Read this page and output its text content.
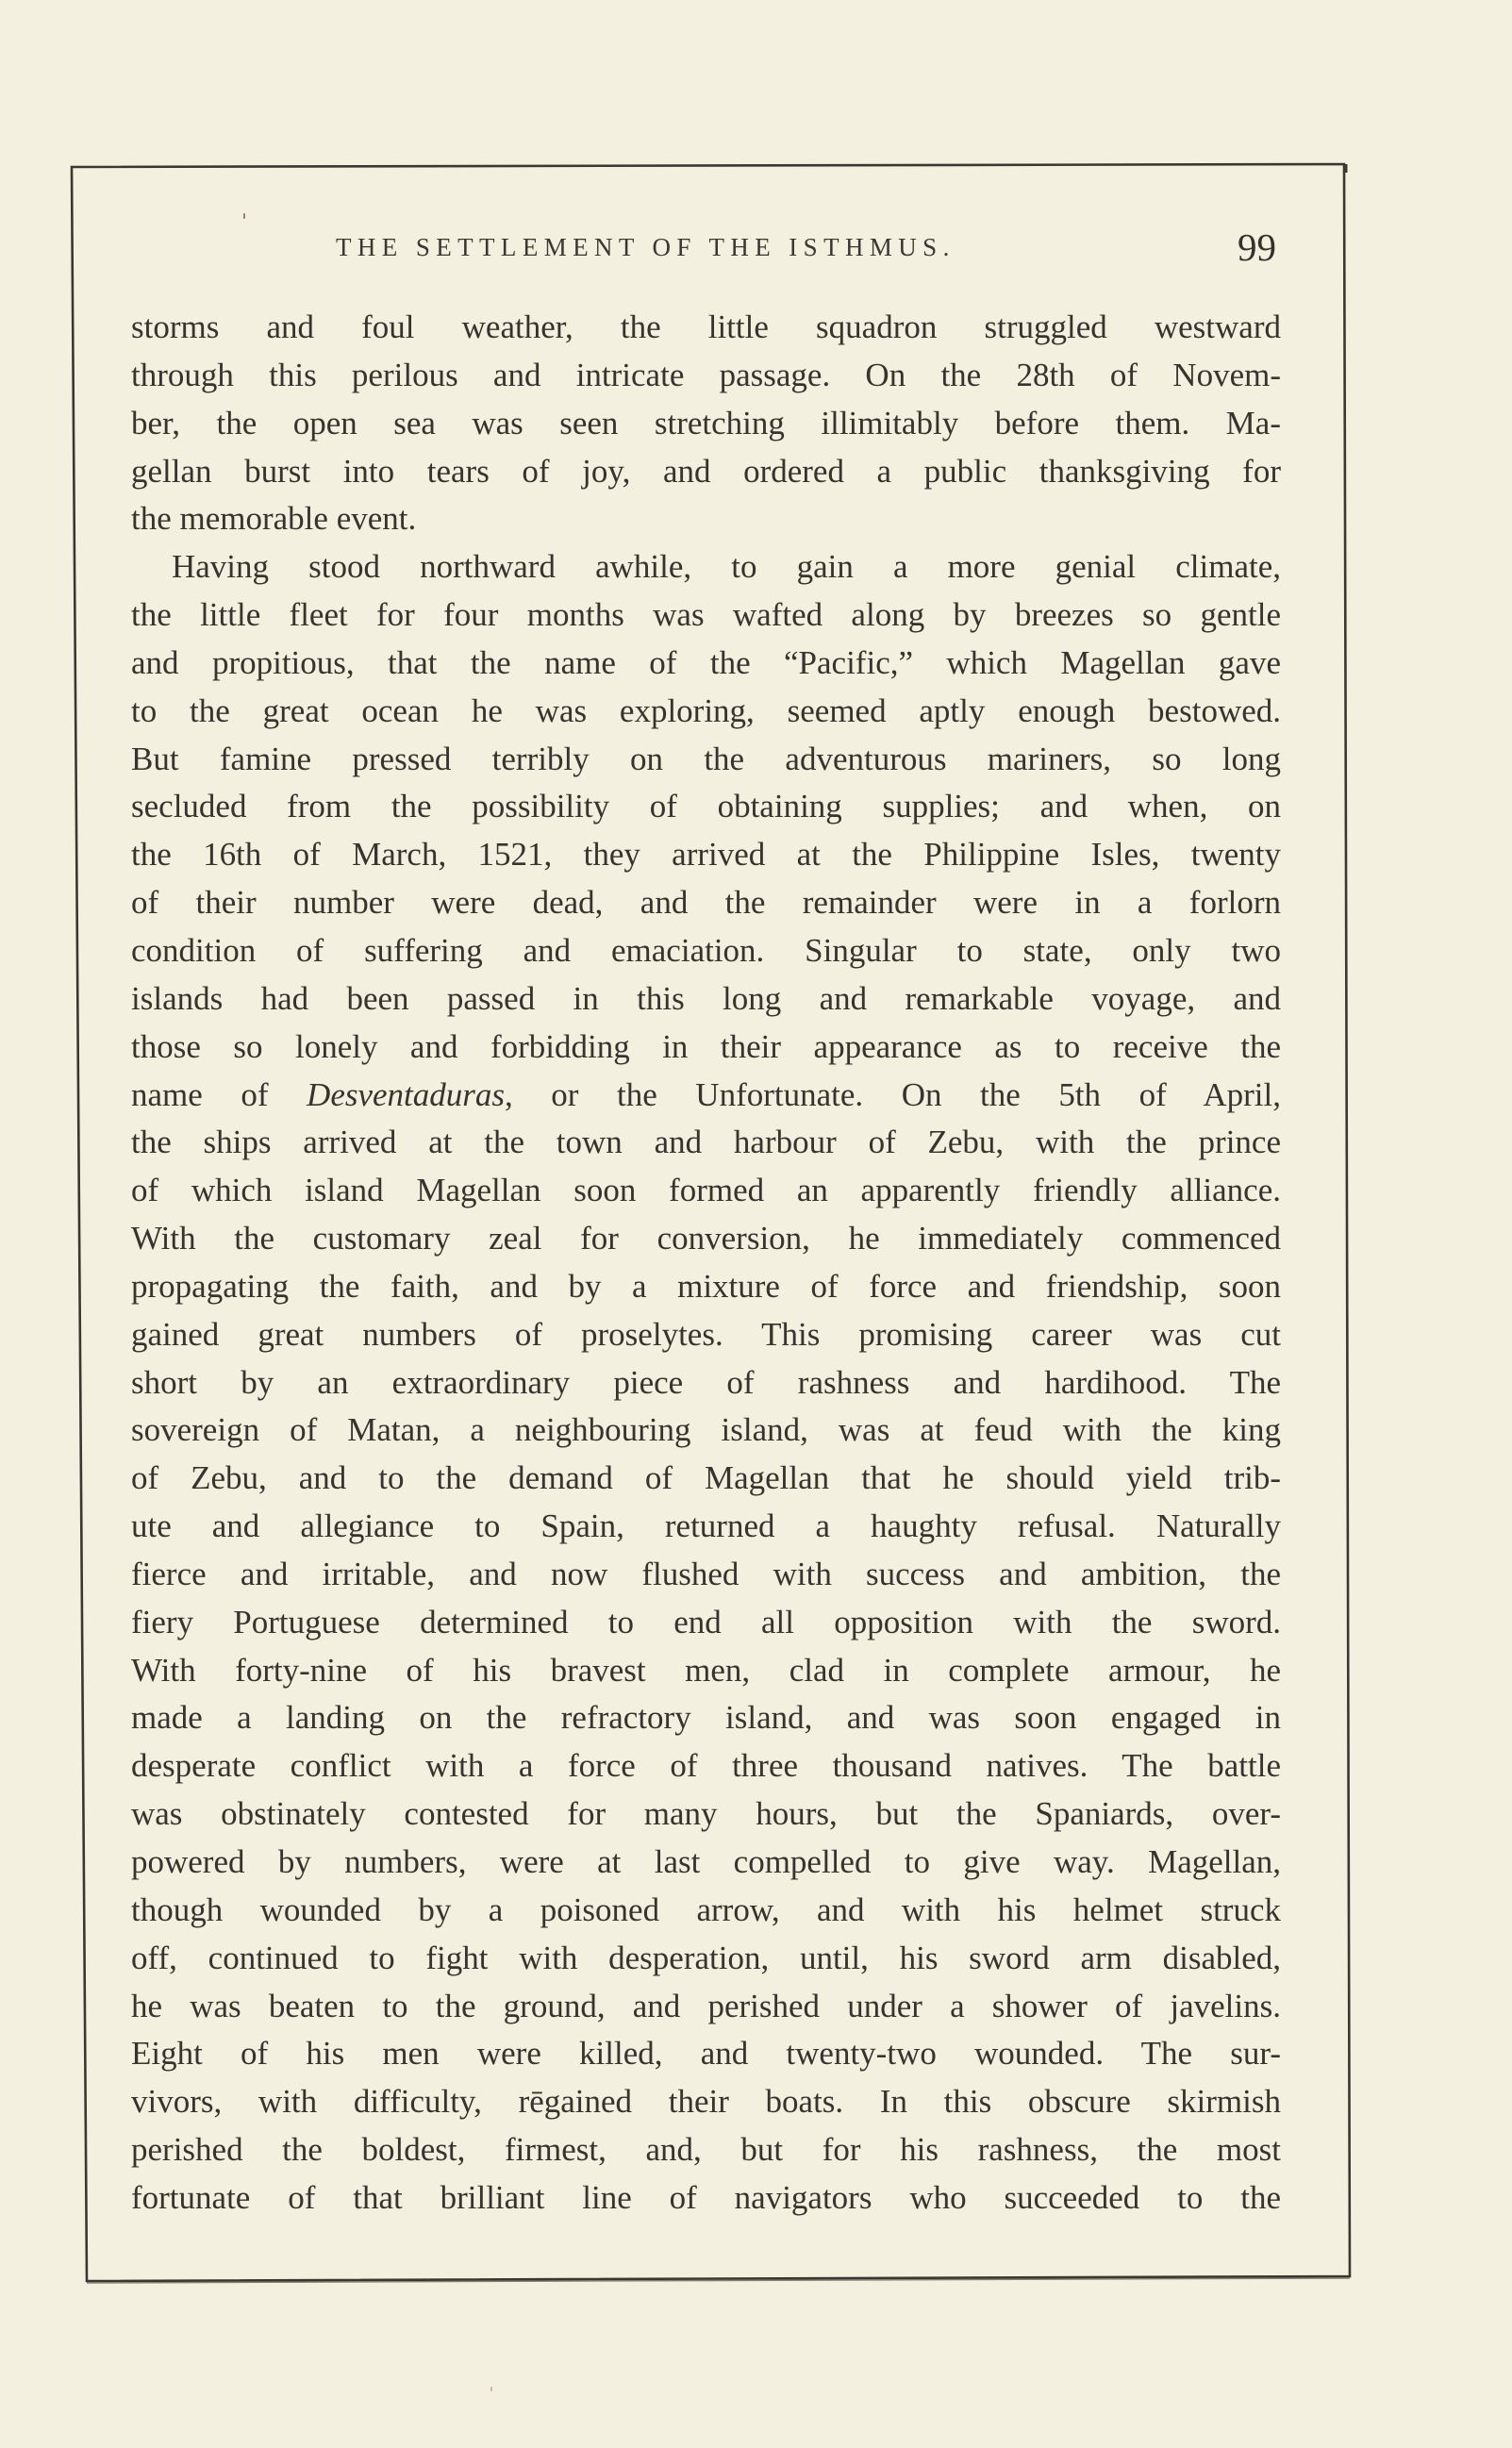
THE SETTLEMENT OF THE ISTHMUS.	99
storms and foul weather, the little squadron struggled westward
through this perilous and intricate passage. On the 28th of Novem-
ber, the open sea was seen stretching illimitably before them. Ma-
gellan burst into tears of joy, and ordered a public thanksgiving for
the memorable event.
Having stood northward awhile, to gain a more genial climate,
the little fleet for four months was wafted along by breezes so gentle
and propitious, that the name of the “Pacific,” which Magellan gave
to the great ocean he was exploring, seemed aptly enough bestowed.
But famine pressed terribly on the adventurous mariners, so long
secluded from the possibility of obtaining supplies; and when, on
the 16th of March, 1521, they arrived at the Philippine Isles, twenty
of their number were dead, and the remainder were in a forlorn
condition of suffering and emaciation. Singular to state, only two
islands had been passed in this long and remarkable voyage, and
those so lonely and forbidding in their appearance as to receive the
name of Desventaduras, or the Unfortunate. On the 5th of April,
the ships arrived at the town and harbour of Zebu, with the prince
of which island Magellan soon formed an apparently friendly alliance.
With the customary zeal for conversion, he immediately commenced
propagating the faith, and by a mixture of force and friendship, soon
gained great numbers of proselytes. This promising career was cut
short by an extraordinary piece of rashness and hardihood. The
sovereign of Matan, a neighbouring island, was at feud with the king
of Zebu, and to the demand of Magellan that he should yield trib-
ute and allegiance to Spain, returned a haughty refusal. Naturally
fierce and irritable, and now flushed with success and ambition, the
fiery Portuguese determined to end all opposition with the sword.
With forty-nine of his bravest men, clad in complete armour, he
made a landing on the refractory island, and was soon engaged in
desperate conflict with a force of three thousand natives. The battle
was obstinately contested for many hours, but the Spaniards, over-
powered by numbers, were at last compelled to give way. Magellan,
though wounded by a poisoned arrow, and with his helmet struck
off, continued to fight with desperation, until, his sword arm disabled,
he was beaten to the ground, and perished under a shower of javelins.
Eight of his men were killed, and twenty-two wounded. The sur-
vivors, with difficulty, rēgained their boats. In this obscure skirmish
perished the boldest, firmest, and, but for his rashness, the most
fortunate of that brilliant line of navigators who succeeded to the
